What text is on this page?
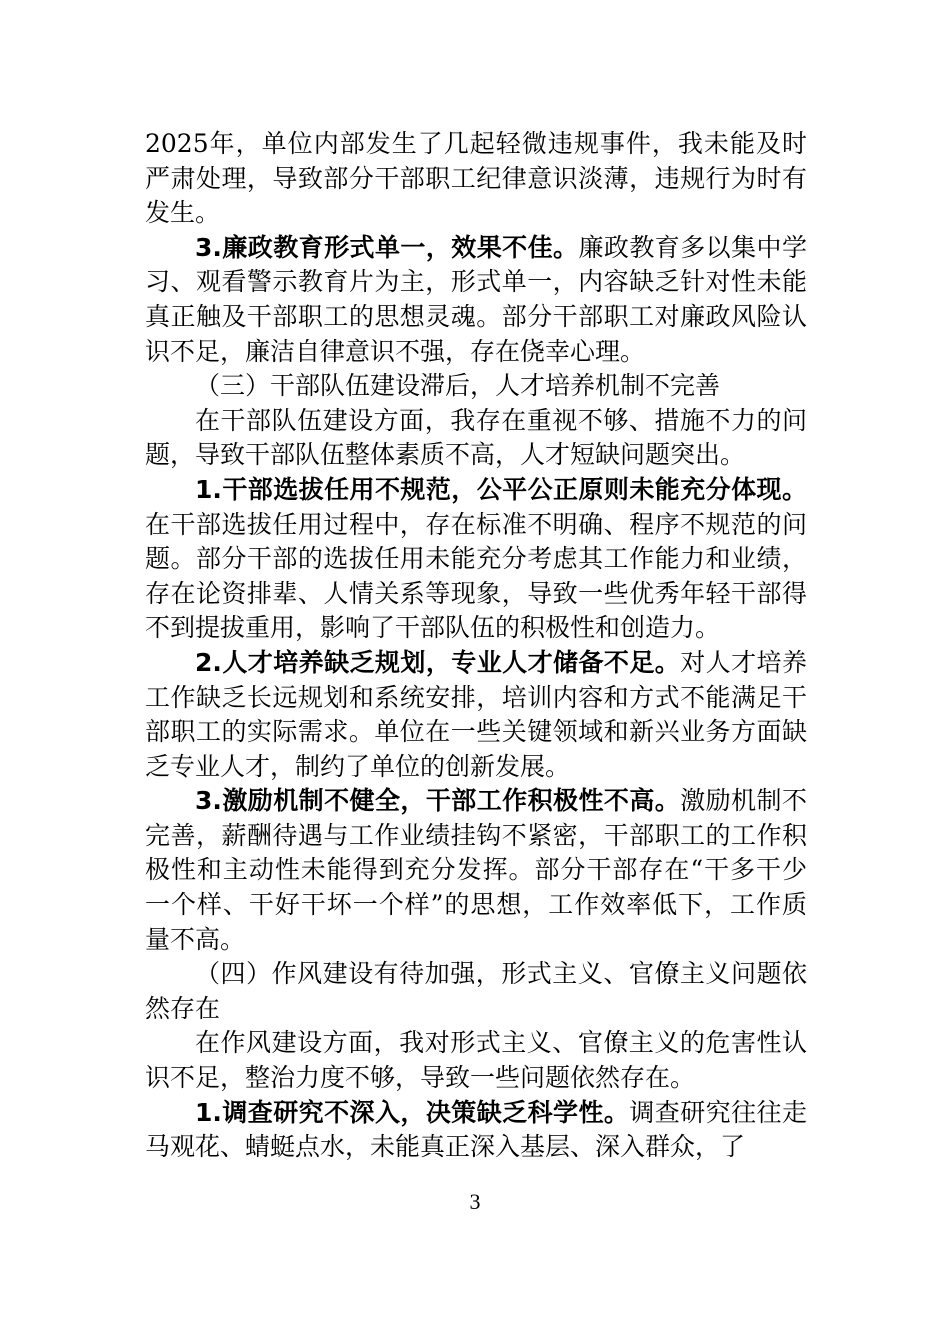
2025年，单位内部发生了几起轻微违规事件，我未能及时严肃处理，导致部分干部职工纪律意识淡薄，违规行为时有发生。

3.廉政教育形式单一，效果不佳。廉政教育多以集中学习、观看警示教育片为主，形式单一，内容缺乏针对性未能真正触及干部职工的思想灵魂。部分干部职工对廉政风险认识不足，廉洁自律意识不强，存在侥幸心理。

（三）干部队伍建设滞后，人才培养机制不完善

在干部队伍建设方面，我存在重视不够、措施不力的问题，导致干部队伍整体素质不高，人才短缺问题突出。

1.干部选拔任用不规范，公平公正原则未能充分体现。在干部选拔任用过程中，存在标准不明确、程序不规范的问题。部分干部的选拔任用未能充分考虑其工作能力和业绩，存在论资排辈、人情关系等现象，导致一些优秀年轻干部得不到提拔重用，影响了干部队伍的积极性和创造力。

2.人才培养缺乏规划，专业人才储备不足。对人才培养工作缺乏长远规划和系统安排，培训内容和方式不能满足干部职工的实际需求。单位在一些关键领域和新兴业务方面缺乏专业人才，制约了单位的创新发展。

3.激励机制不健全，干部工作积极性不高。激励机制不完善，薪酬待遇与工作业绩挂钩不紧密，干部职工的工作积极性和主动性未能得到充分发挥。部分干部存在“干多干少一个样、干好干坏一个样”的思想，工作效率低下，工作质量不高。

（四）作风建设有待加强，形式主义、官僚主义问题依然存在

在作风建设方面，我对形式主义、官僚主义的危害性认识不足，整治力度不够，导致一些问题依然存在。

1.调查研究不深入，决策缺乏科学性。调查研究往往走马观花、蜻蜓点水，未能真正深入基层、深入群众，了

3
